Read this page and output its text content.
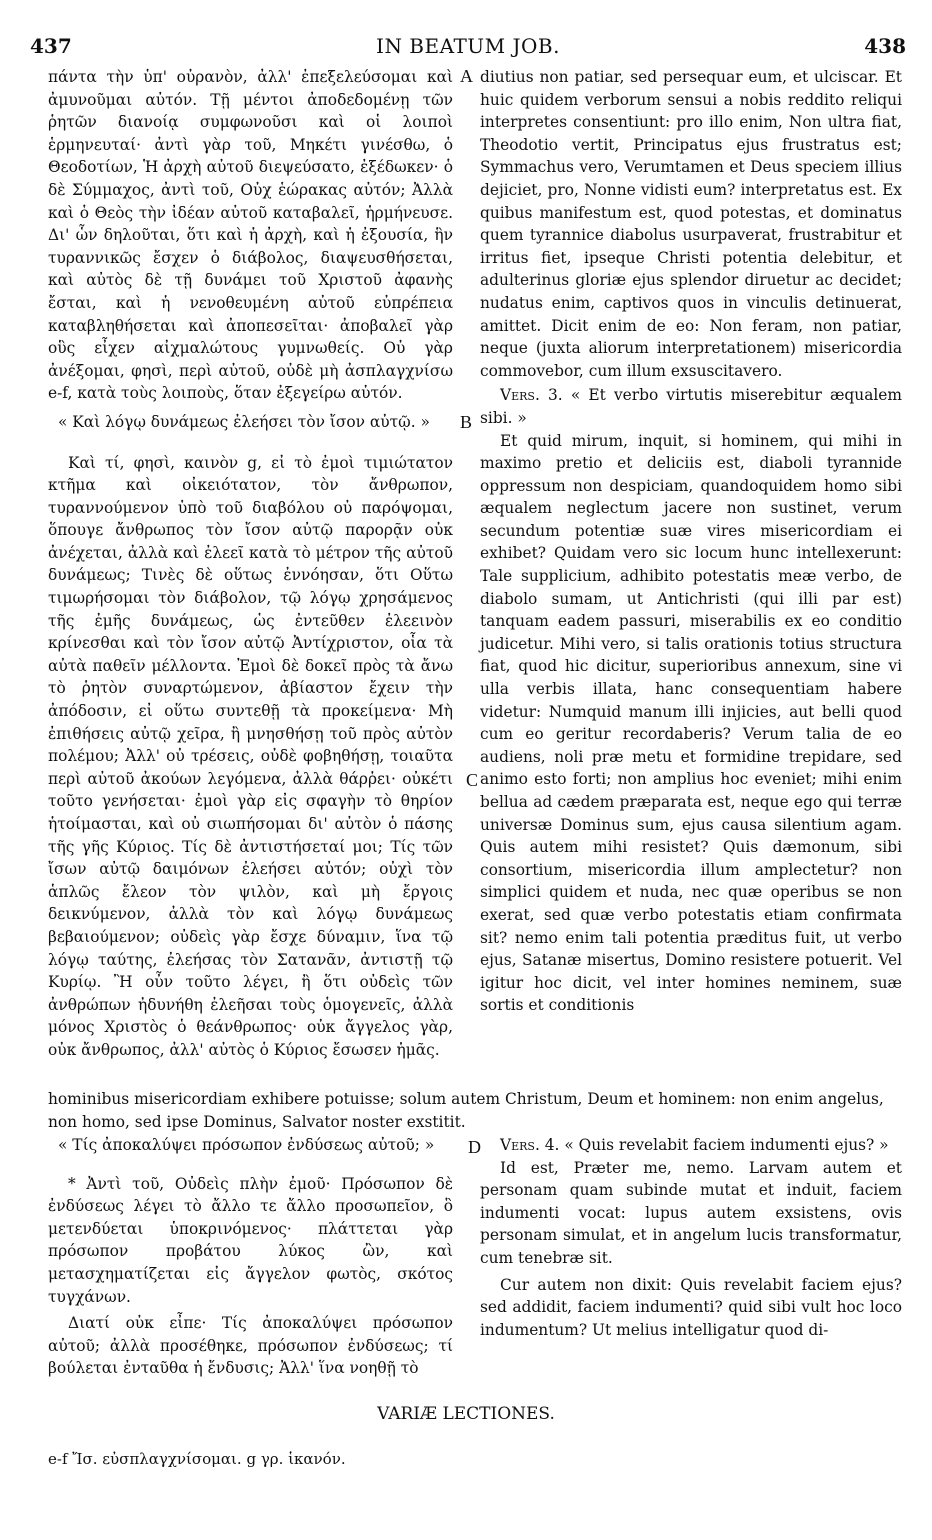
437	IN BEATUM JOB.	438
A
B
C
D

πάντα τὴν ὑπ' οὐρανὸν, ἀλλ' ἐπεξελεύσομαι καὶ ἀμυνοῦμαι αὐτόν. Τῇ μέντοι ἀποδεδομένῃ τῶν ῥητῶν διανοίᾳ συμφωνοῦσι καὶ οἱ λοιποὶ ἑρμηνευταί· ἀντὶ γὰρ τοῦ, Μηκέτι γινέσθω, ὁ Θεοδοτίων, Ἡ ἀρχὴ αὐτοῦ διεψεύσατο, ἐξέδωκεν· ὁ δὲ Σύμμαχος, ἀντὶ τοῦ, Οὐχ ἑώρακας αὐτόν; Ἀλλὰ καὶ ὁ Θεὸς τὴν ἰδέαν αὐτοῦ καταβαλεῖ, ἡρμήνευσε. Δι' ὧν δηλοῦται, ὅτι καὶ ἡ ἀρχὴ, καὶ ἡ ἐξουσία, ἣν τυραννικῶς ἔσχεν ὁ διάβολος, διαψευσθήσεται, καὶ αὐτὸς δὲ τῇ δυνάμει τοῦ Χριστοῦ ἀφανὴς ἔσται, καὶ ἡ νενοθευμένη αὐτοῦ εὐπρέπεια καταβληθήσεται καὶ ἀποπεσεῖται· ἀποβαλεῖ γὰρ οὓς εἶχεν αἰχμαλώτους γυμνωθείς. Οὐ γὰρ ἀνέξομαι, φησὶ, περὶ αὐτοῦ, οὐδὲ μὴ ἀσπλαγχνίσω e-f, κατὰ τοὺς λοιποὺς, ὅταν ἐξεγείρω αὐτόν.

« Καὶ λόγῳ δυνάμεως ἐλεήσει τὸν ἴσον αὐτῷ. »

Καὶ τί, φησὶ, καινὸν g, εἰ τὸ ἐμοὶ τιμιώτατον κτῆμα καὶ οἰκειότατον, τὸν ἄνθρωπον, τυραννούμενον ὑπὸ τοῦ διαβόλου οὐ παρόψομαι, ὅπουγε ἄνθρωπος τὸν ἴσον αὐτῷ παρορᾷν οὐκ ἀνέχεται, ἀλλὰ καὶ ἐλεεῖ κατὰ τὸ μέτρον τῆς αὐτοῦ δυνάμεως; Τινὲς δὲ οὕτως ἐννόησαν, ὅτι Οὕτω τιμωρήσομαι τὸν διάβολον, τῷ λόγῳ χρησάμενος τῆς ἐμῆς δυνάμεως, ὡς ἐντεῦθεν ἐλεεινὸν κρίνεσθαι καὶ τὸν ἴσον αὐτῷ Ἀντίχριστον, οἷα τὰ αὐτὰ παθεῖν μέλλοντα. Ἐμοὶ δὲ δοκεῖ πρὸς τὰ ἄνω τὸ ῥητὸν συναρτώμενον, ἀβίαστον ἔχειν τὴν ἀπόδοσιν, εἰ οὕτω συντεθῇ τὰ προκείμενα· Μὴ ἐπιθήσεις αὐτῷ χεῖρα, ἢ μνησθήσῃ τοῦ πρὸς αὐτὸν πολέμου; Ἀλλ' οὐ τρέσεις, οὐδὲ φοβηθήσῃ, τοιαῦτα περὶ αὐτοῦ ἀκούων λεγόμενα, ἀλλὰ θάρῥει· οὐκέτι τοῦτο γενήσεται· ἐμοὶ γὰρ εἰς σφαγὴν τὸ θηρίον ἡτοίμασται, καὶ οὐ σιωπήσομαι δι' αὐτὸν ὁ πάσης τῆς γῆς Κύριος. Τίς δὲ ἀντιστήσεταί μοι; Τίς τῶν ἴσων αὐτῷ δαιμόνων ἐλεήσει αὐτόν; οὐχὶ τὸν ἁπλῶς ἔλεον τὸν ψιλὸν, καὶ μὴ ἔργοις δεικνύμενον, ἀλλὰ τὸν καὶ λόγῳ δυνάμεως βεβαιούμενον; οὐδεὶς γὰρ ἔσχε δύναμιν, ἵνα τῷ λόγῳ ταύτης, ἐλεήσας τὸν Σατανᾶν, ἀντιστῇ τῷ Κυρίῳ. Ἢ οὖν τοῦτο λέγει, ἢ ὅτι οὐδεὶς τῶν ἀνθρώπων ἠδυνήθη ἐλεῆσαι τοὺς ὁμογενεῖς, ἀλλὰ μόνος Χριστὸς ὁ θεάνθρωπος· οὐκ ἄγγελος γὰρ, οὐκ ἄνθρωπος, ἀλλ' αὐτὸς ὁ Κύριος ἔσωσεν ἡμᾶς.

hominibus misericordiam exhibere potuisse; solum autem Christum, Deum et hominem: non enim angelus, non homo, sed ipse Dominus, Salvator noster exstitit.

« Τίς ἀποκαλύψει πρόσωπον ἐνδύσεως αὐτοῦ; »

* Ἀντὶ τοῦ, Οὐδεὶς πλὴν ἐμοῦ· Πρόσωπον δὲ ἐνδύσεως λέγει τὸ ἄλλο τε ἄλλο προσωπεῖον, ὃ μετενδύεται ὑποκρινόμενος· πλάττεται γὰρ πρόσωπον προβάτου λύκος ὢν, καὶ μετασχηματίζεται εἰς ἄγγελον φωτὸς, σκότος τυγχάνων.

Διατί οὐκ εἶπε· Τίς ἀποκαλύψει πρόσωπον αὐτοῦ; ἀλλὰ προσέθηκε, πρόσωπον ἐνδύσεως; τί βούλεται ἐνταῦθα ἡ ἔνδυσις; Ἀλλ' ἵνα νοηθῇ τὸ

diutius non patiar, sed persequar eum, et ulciscar. Et huic quidem verborum sensui a nobis reddito reliqui interpretes consentiunt: pro illo enim, Non ultra fiat, Theodotio vertit, Principatus ejus frustratus est; Symmachus vero, Verumtamen et Deus speciem illius dejiciet, pro, Nonne vidisti eum? interpretatus est. Ex quibus manifestum est, quod potestas, et dominatus quem tyrannice diabolus usurpaverat, frustrabitur et irritus fiet, ipseque Christi potentia delebitur, et adulterinus gloriæ ejus splendor diruetur ac decidet; nudatus enim, captivos quos in vinculis detinuerat, amittet. Dicit enim de eo: Non feram, non patiar, neque (juxta aliorum interpretationem) misericordia commovebor, cum illum exsuscitavero.

Vers. 3. « Et verbo virtutis miserebitur æqualem sibi. »

Et quid mirum, inquit, si hominem, qui mihi in maximo pretio et deliciis est, diaboli tyrannide oppressum non despiciam, quandoquidem homo sibi æqualem neglectum jacere non sustinet, verum secundum potentiæ suæ vires misericordiam ei exhibet? Quidam vero sic locum hunc intellexerunt: Tale supplicium, adhibito potestatis meæ verbo, de diabolo sumam, ut Antichristi (qui illi par est) tanquam eadem passuri, miserabilis ex eo conditio judicetur. Mihi vero, si talis orationis totius structura fiat, quod hic dicitur, superioribus annexum, sine vi ulla verbis illata, hanc consequentiam habere videtur: Numquid manum illi injicies, aut belli quod cum eo geritur recordaberis? Verum talia de eo audiens, noli præ metu et formidine trepidare, sed animo esto forti; non amplius hoc eveniet; mihi enim bellua ad cædem præparata est, neque ego qui terræ universæ Dominus sum, ejus causa silentium agam. Quis autem mihi resistet? Quis dæmonum, sibi consortium, misericordia illum amplectetur? non simplici quidem et nuda, nec quæ operibus se non exerat, sed quæ verbo potestatis etiam confirmata sit? nemo enim tali potentia præditus fuit, ut verbo ejus, Satanæ misertus, Domino resistere potuerit. Vel igitur hoc dicit, vel inter homines neminem, suæ sortis et conditionis

Vers. 4. « Quis revelabit faciem indumenti ejus? »

Id est, Præter me, nemo. Larvam autem et personam quam subinde mutat et induit, faciem indumenti vocat: lupus autem exsistens, ovis personam simulat, et in angelum lucis transformatur, cum tenebræ sit.

Cur autem non dixit: Quis revelabit faciem ejus? sed addidit, faciem indumenti? quid sibi vult hoc loco indumentum? Ut melius intelligatur quod di-

VARIÆ LECTIONES.
e-f Ἴσ. εὐσπλαγχνίσομαι. g γρ. ἱκανόν.
